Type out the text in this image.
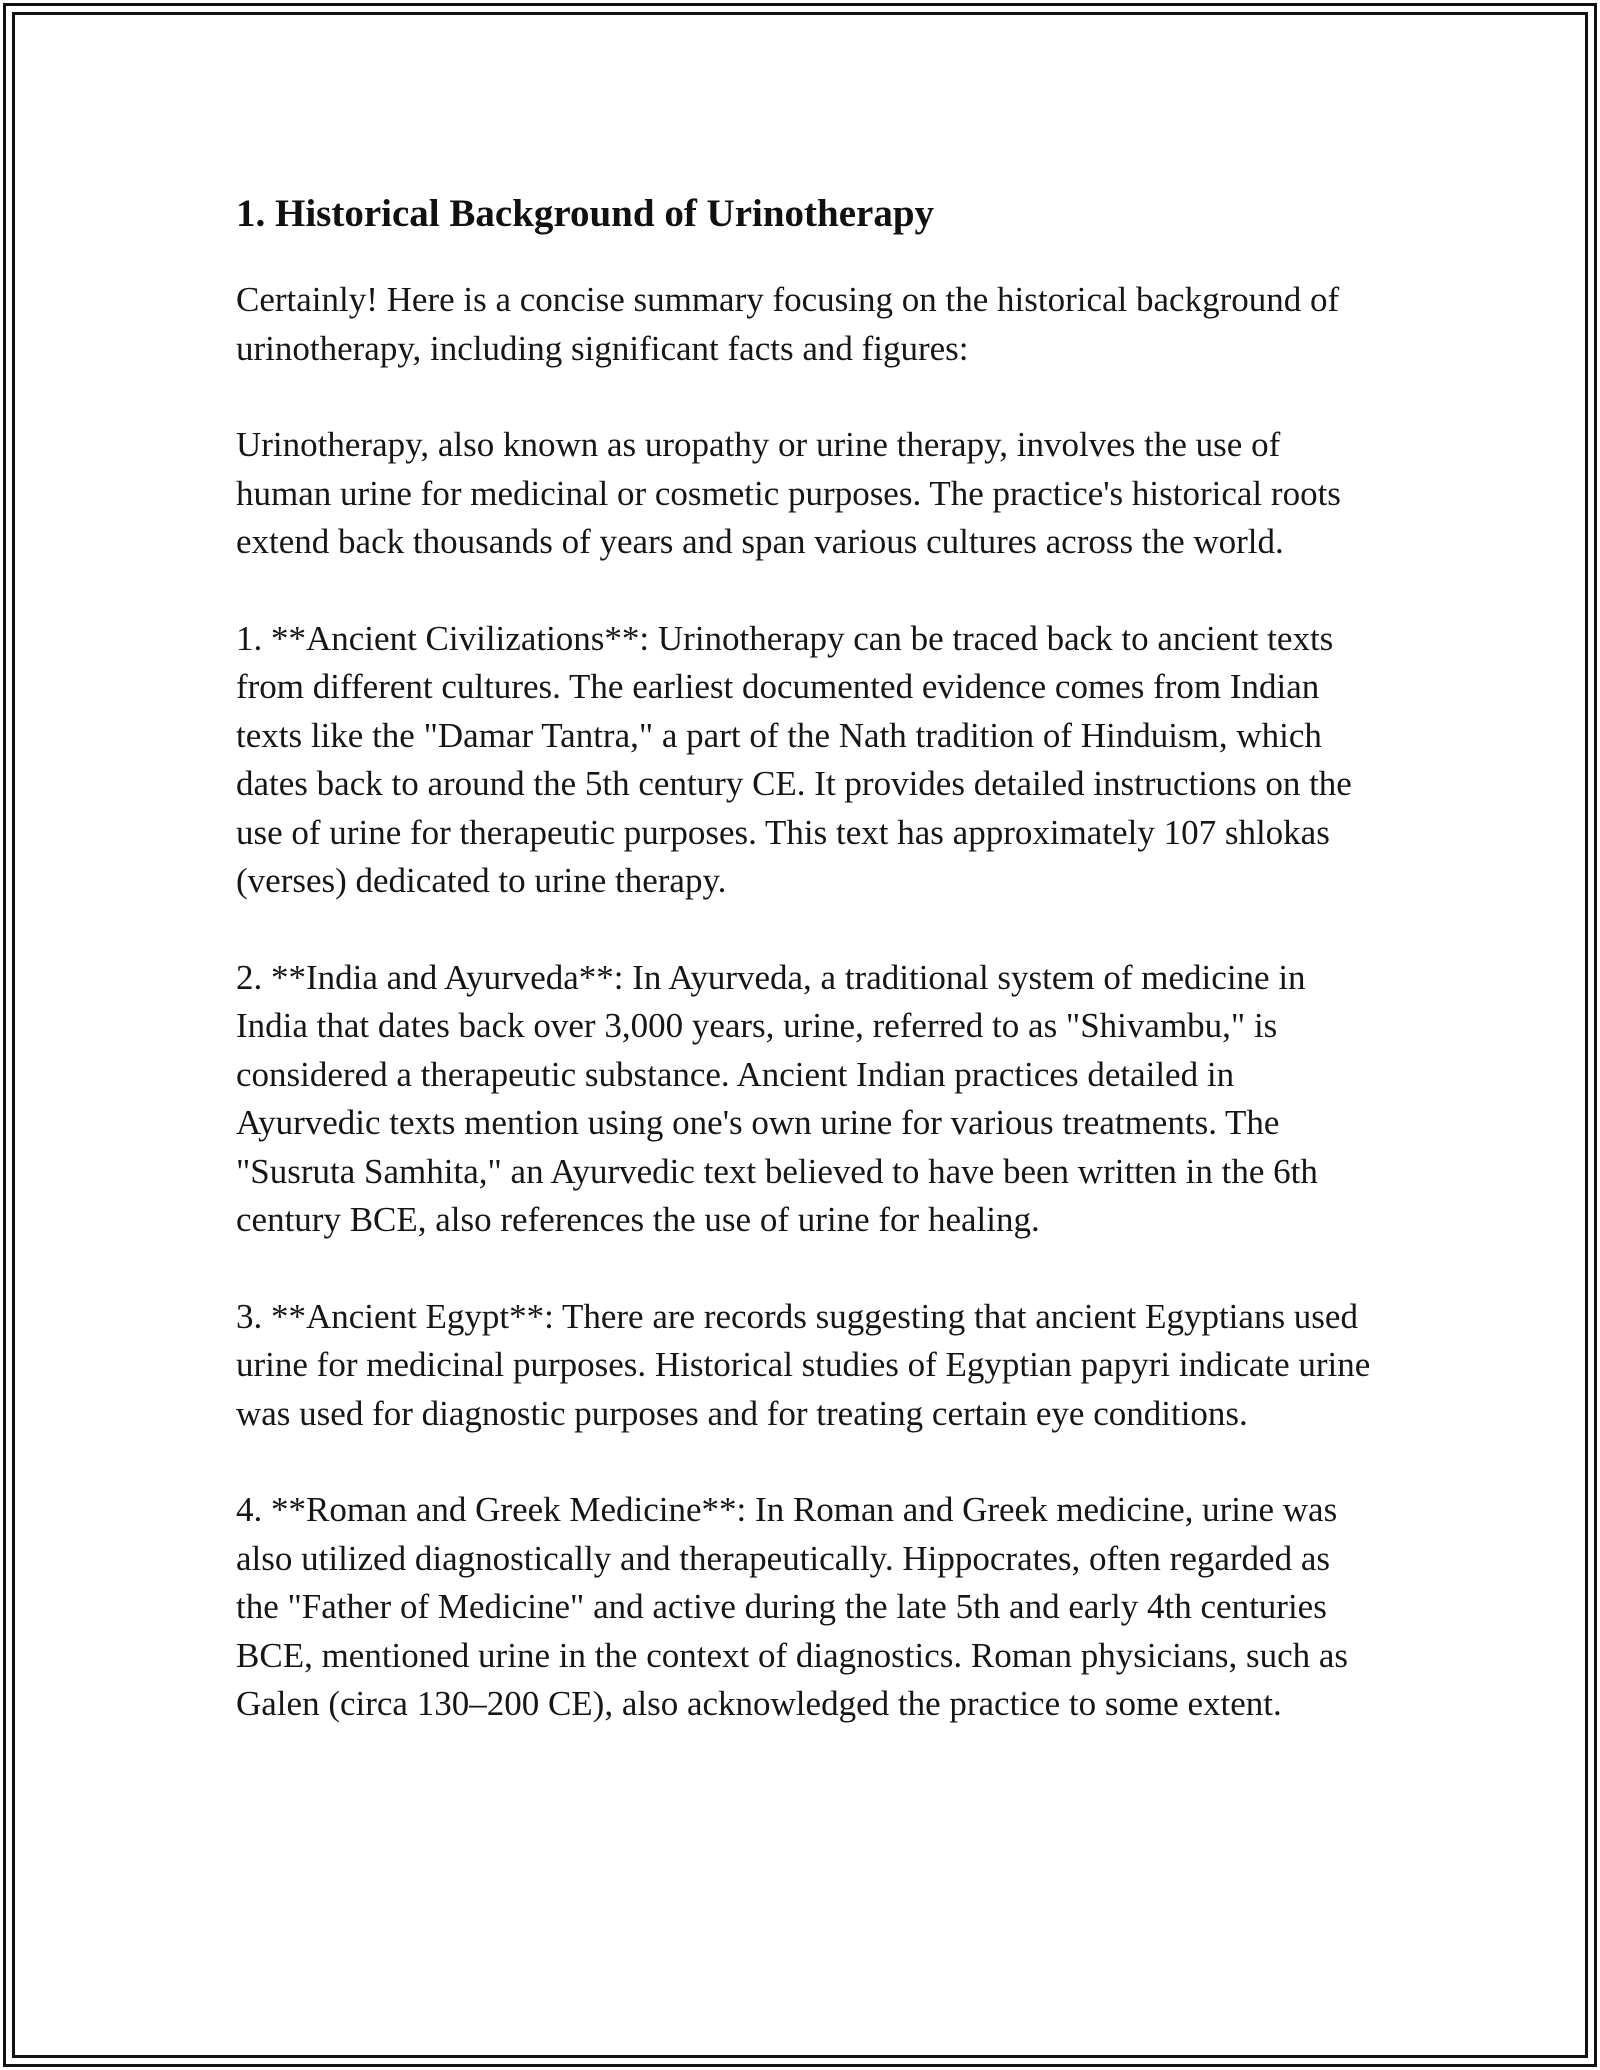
1. Historical Background of Urinotherapy

Certainly! Here is a concise summary focusing on the historical background of urinotherapy, including significant facts and figures:

Urinotherapy, also known as uropathy or urine therapy, involves the use of human urine for medicinal or cosmetic purposes. The practice's historical roots extend back thousands of years and span various cultures across the world.

1. **Ancient Civilizations**: Urinotherapy can be traced back to ancient texts from different cultures. The earliest documented evidence comes from Indian texts like the "Damar Tantra," a part of the Nath tradition of Hinduism, which dates back to around the 5th century CE. It provides detailed instructions on the use of urine for therapeutic purposes. This text has approximately 107 shlokas (verses) dedicated to urine therapy.

2. **India and Ayurveda**: In Ayurveda, a traditional system of medicine in India that dates back over 3,000 years, urine, referred to as "Shivambu," is considered a therapeutic substance. Ancient Indian practices detailed in Ayurvedic texts mention using one's own urine for various treatments. The "Susruta Samhita," an Ayurvedic text believed to have been written in the 6th century BCE, also references the use of urine for healing.

3. **Ancient Egypt**: There are records suggesting that ancient Egyptians used urine for medicinal purposes. Historical studies of Egyptian papyri indicate urine was used for diagnostic purposes and for treating certain eye conditions.

4. **Roman and Greek Medicine**: In Roman and Greek medicine, urine was also utilized diagnostically and therapeutically. Hippocrates, often regarded as the "Father of Medicine" and active during the late 5th and early 4th centuries BCE, mentioned urine in the context of diagnostics. Roman physicians, such as Galen (circa 130–200 CE), also acknowledged the practice to some extent.
